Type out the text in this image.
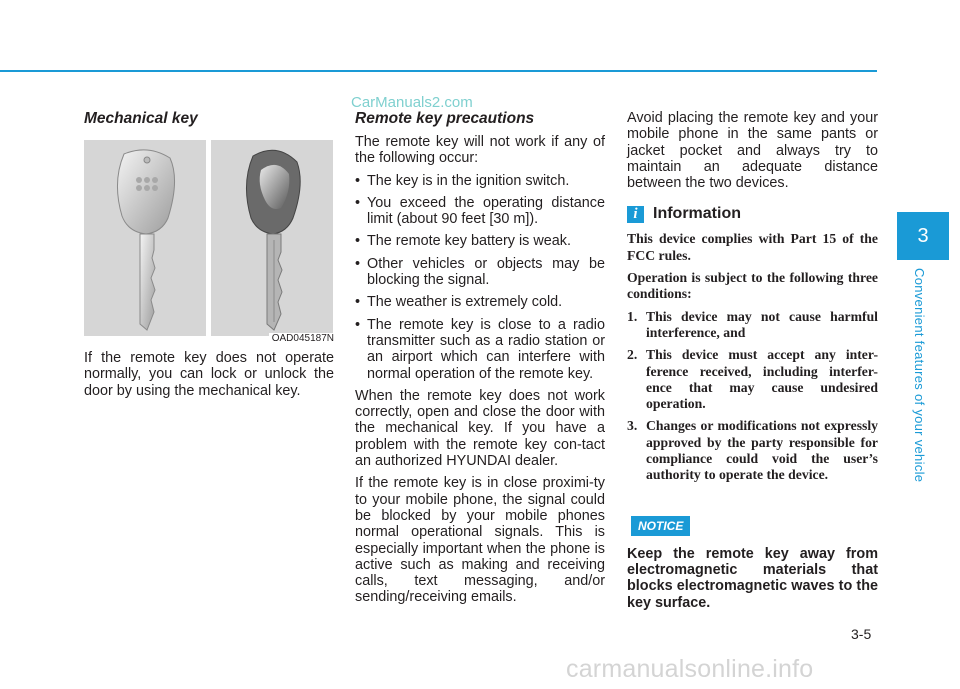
CarManuals2.com
Mechanical key
OAD045187N

If the remote key does not operate normally, you can lock or unlock the door by using the mechanical key.

Remote key precautions

The remote key will not work if any of the following occur:

• The key is in the ignition switch.
• You exceed the operating distance limit (about 90 feet [30 m]).
• The remote key battery is weak.
• Other vehicles or objects may be blocking the signal.
• The weather is extremely cold.
• The remote key is close to a radio transmitter such as a radio station or an airport which can interfere with normal operation of the remote key.

When the remote key does not work correctly, open and close the door with the mechanical key. If you have a problem with the remote key con-tact an authorized HYUNDAI dealer.

If the remote key is in close proximi-ty to your mobile phone, the signal could be blocked by your mobile phones normal operational signals. This is especially important when the phone is active such as making and receiving calls, text messaging, and/or sending/receiving emails.

Avoid placing the remote key and your mobile phone in the same pants or jacket pocket and always try to maintain an adequate distance between the two devices.

i Information

This device complies with Part 15 of the FCC rules.

Operation is subject to the following three conditions:

1. This device may not cause harmful interference, and
2. This device must accept any inter-ference received, including interfer-ence that may cause undesired operation.
3. Changes or modifications not expressly approved by the party responsible for compliance could void the user’s authority to operate the device.
NOTICE
Keep the remote key away from electromagnetic materials that blocks electromagnetic waves to the key surface.
3
Convenient features of your vehicle
3-5
carmanualsonline.info
